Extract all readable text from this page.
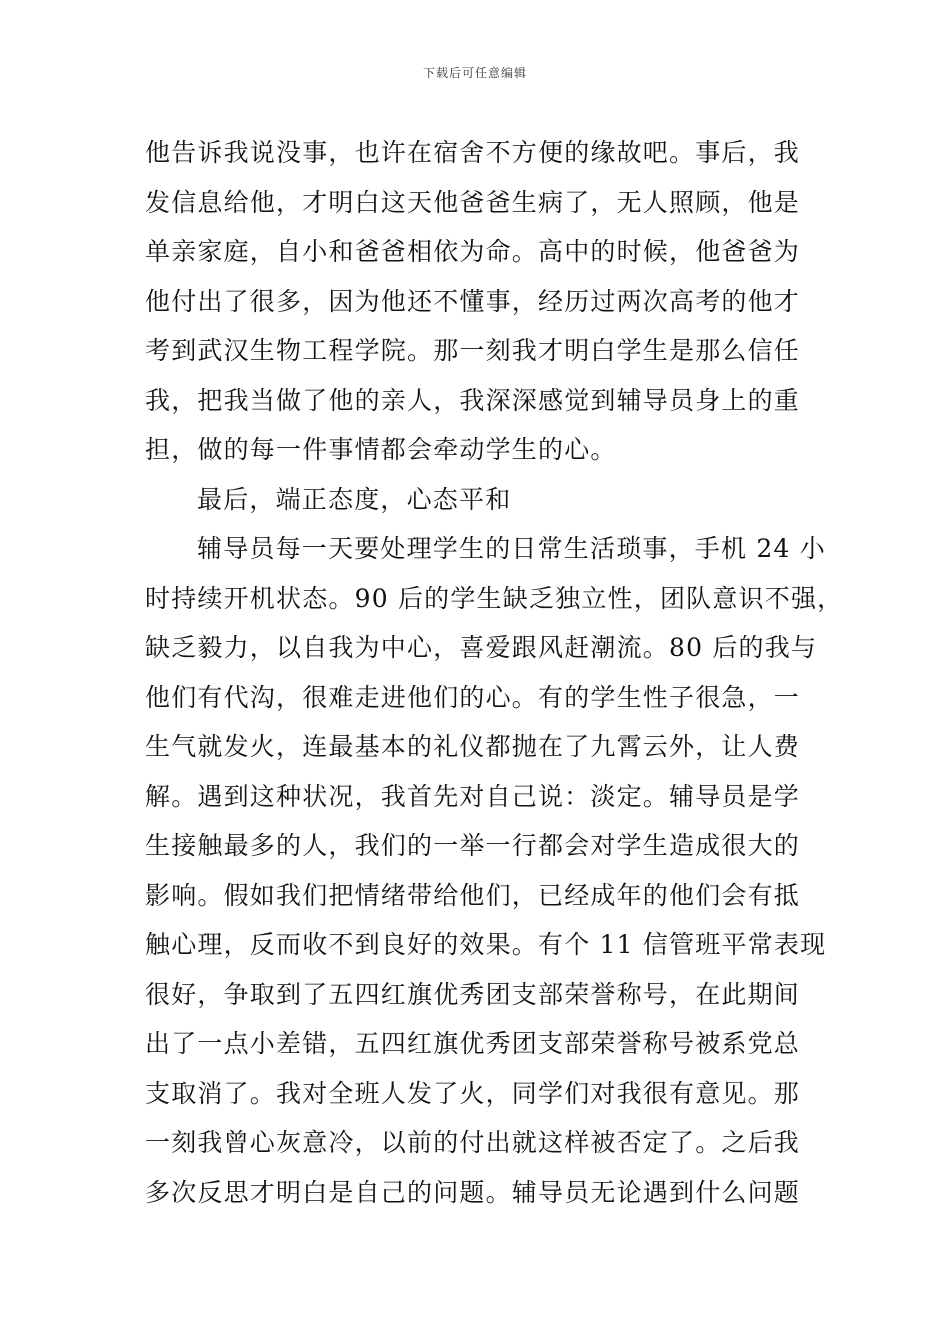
下载后可任意编辑
他告诉我说没事，也许在宿舍不方便的缘故吧。事后，我
发信息给他，才明白这天他爸爸生病了，无人照顾，他是
单亲家庭，自小和爸爸相依为命。高中的时候，他爸爸为
他付出了很多，因为他还不懂事，经历过两次高考的他才
考到武汉生物工程学院。那一刻我才明白学生是那么信任
我，把我当做了他的亲人，我深深感觉到辅导员身上的重
担，做的每一件事情都会牵动学生的心。
最后，端正态度，心态平和
辅导员每一天要处理学生的日常生活琐事，手机 24 小
时持续开机状态。90 后的学生缺乏独立性，团队意识不强，
缺乏毅力，以自我为中心，喜爱跟风赶潮流。80 后的我与
他们有代沟，很难走进他们的心。有的学生性子很急，一
生气就发火，连最基本的礼仪都抛在了九霄云外，让人费
解。遇到这种状况，我首先对自己说：淡定。辅导员是学
生接触最多的人，我们的一举一行都会对学生造成很大的
影响。假如我们把情绪带给他们，已经成年的他们会有抵
触心理，反而收不到良好的效果。有个 11 信管班平常表现
很好，争取到了五四红旗优秀团支部荣誉称号，在此期间
出了一点小差错，五四红旗优秀团支部荣誉称号被系党总
支取消了。我对全班人发了火，同学们对我很有意见。那
一刻我曾心灰意冷，以前的付出就这样被否定了。之后我
多次反思才明白是自己的问题。辅导员无论遇到什么问题
